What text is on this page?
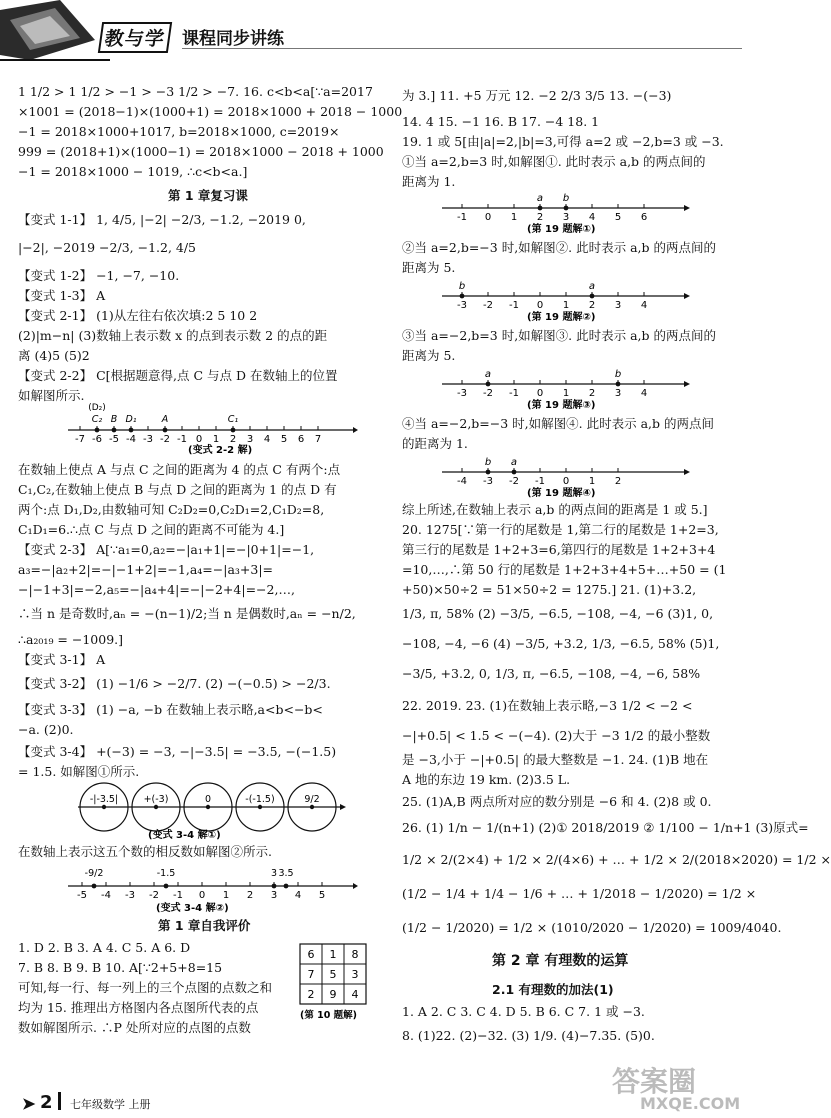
教与学 课程同步讲练
1 1/2 > 1 1/2 > −1 > −3 1/2 > −7. 16. c<b<a[∵a=2017
×1001 = (2018−1)×(1000+1) = 2018×1000 + 2018 − 1000
−1 = 2018×1000+1017, b=2018×1000, c=2019×
999 = (2018+1)×(1000−1) = 2018×1000 − 2018 + 1000
−1 = 2018×1000 − 1019, ∴c<b<a.]
第 1 章复习课
【变式 1-1】 1, 4/5, |−2| −2/3, −1.2, −2019 0,
|−2|, −2019 −2/3, −1.2, 4/5
【变式 1-2】 −1, −7, −10.
【变式 1-3】 A
【变式 2-1】 (1)从左往右依次填:2 5 10 2
(2)|m−n| (3)数轴上表示数 x 的点到表示数 2 的点的距
离 (4)5 (5)2
【变式 2-2】 C[根据题意得,点 C 与点 D 在数轴上的位置
如解图所示.
-7 -6 -5 -4 -3 -2 -1 0 1 2 3 4 5 6 7
(D₂)
C₂ B D₁	A	C₁
(变式 2-2 解)
在数轴上使点 A 与点 C 之间的距离为 4 的点 C 有两个:点
C₁,C₂,在数轴上使点 B 与点 D 之间的距离为 1 的点 D 有
两个:点 D₁,D₂,由数轴可知 C₂D₂=0,C₂D₁=2,C₁D₂=8,
C₁D₁=6.∴点 C 与点 D 之间的距离不可能为 4.]
【变式 2-3】 A[∵a₁=0,a₂=−|a₁+1|=−|0+1|=−1,
a₃=−|a₂+2|=−|−1+2|=−1,a₄=−|a₃+3|=
−|−1+3|=−2,a₅=−|a₄+4|=−|−2+4|=−2,…,
∴当 n 是奇数时,aₙ = −(n−1)/2;当 n 是偶数时,aₙ = −n/2,
∴a₂₀₁₉ = −1009.]
【变式 3-1】 A
【变式 3-2】 (1) −1/6 > −2/7. (2) −(−0.5) > −2/3.
【变式 3-3】 (1) −a, −b 在数轴上表示略,a<b<−b<
−a. (2)0.
【变式 3-4】 +(−3) = −3, −|−3.5| = −3.5, −(−1.5)
= 1.5. 如解图①所示.
-|-3.5|	+(-3)	0	-(-1.5)	9/2
(变式 3-4 解①)
在数轴上表示这五个数的相反数如解图②所示.
-5 -4 -3 -2 -1 0 1 2 3 4 5
-9/2	-1.5	3 3.5
(变式 3-4 解②)
第 1 章自我评价
1. D 2. B 3. A 4. C 5. A 6. D
7. B 8. B 9. B 10. A[∵2+5+8=15
可知,每一行、每一列上的三个点图的点数之和
均为 15. 推理出方格图内各点图所代表的点
数如解图所示. ∴P 处所对应的点图的点数
6 1 8
7 5 3
2 9 4
(第 10 题解)
为 3.] 11. +5 万元 12. −2 2/3 3/5 13. −(−3)
14. 4 15. −1 16. B 17. −4 18. 1
19. 1 或 5[由|a|=2,|b|=3,可得 a=2 或 −2,b=3 或 −3.
①当 a=2,b=3 时,如解图①. 此时表示 a,b 的两点间的
距离为 1.
-1 0 1 2 3 4 5 6
a b
(第 19 题解①)
②当 a=2,b=−3 时,如解图②. 此时表示 a,b 的两点间的
距离为 5.
-3 -2 -1 0 1 2 3 4
b	a
(第 19 题解②)
③当 a=−2,b=3 时,如解图③. 此时表示 a,b 的两点间的
距离为 5.
-3 -2 -1 0 1 2 3 4
a	b
(第 19 题解③)
④当 a=−2,b=−3 时,如解图④. 此时表示 a,b 的两点间
的距离为 1.
-4 -3 -2 -1 0 1 2
b a
(第 19 题解④)
综上所述,在数轴上表示 a,b 的两点间的距离是 1 或 5.]
20. 1275[∵第一行的尾数是 1,第二行的尾数是 1+2=3,
第三行的尾数是 1+2+3=6,第四行的尾数是 1+2+3+4
=10,…,∴第 50 行的尾数是 1+2+3+4+5+…+50 = (1
+50)×50÷2 = 51×50÷2 = 1275.] 21. (1)+3.2,
1/3, π, 58% (2) −3/5, −6.5, −108, −4, −6 (3)1, 0,
−108, −4, −6 (4) −3/5, +3.2, 1/3, −6.5, 58% (5)1,
−3/5, +3.2, 0, 1/3, π, −6.5, −108, −4, −6, 58%
22. 2019. 23. (1)在数轴上表示略,−3 1/2 < −2 <
−|+0.5| < 1.5 < −(−4). (2)大于 −3 1/2 的最小整数
是 −3,小于 −|+0.5| 的最大整数是 −1. 24. (1)B 地在
A 地的东边 19 km. (2)3.5 L.
25. (1)A,B 两点所对应的数分别是 −6 和 4. (2)8 或 0.
26. (1) 1/n − 1/(n+1) (2)① 2018/2019 ② 1/100 − 1/n+1 (3)原式=
1/2 × 2/(2×4) + 1/2 × 2/(4×6) + … + 1/2 × 2/(2018×2020) = 1/2 ×
(1/2 − 1/4 + 1/4 − 1/6 + … + 1/2018 − 1/2020) = 1/2 ×
(1/2 − 1/2020) = 1/2 × (1010/2020 − 1/2020) = 1009/4040.
第 2 章 有理数的运算
2.1 有理数的加法(1)
1. A 2. C 3. C 4. D 5. B 6. C 7. 1 或 −3.
8. (1)22. (2)−32. (3) 1/9. (4)−7.35. (5)0.
➤ 2 七年级数学 上册
答案圈
MXQE.COM
